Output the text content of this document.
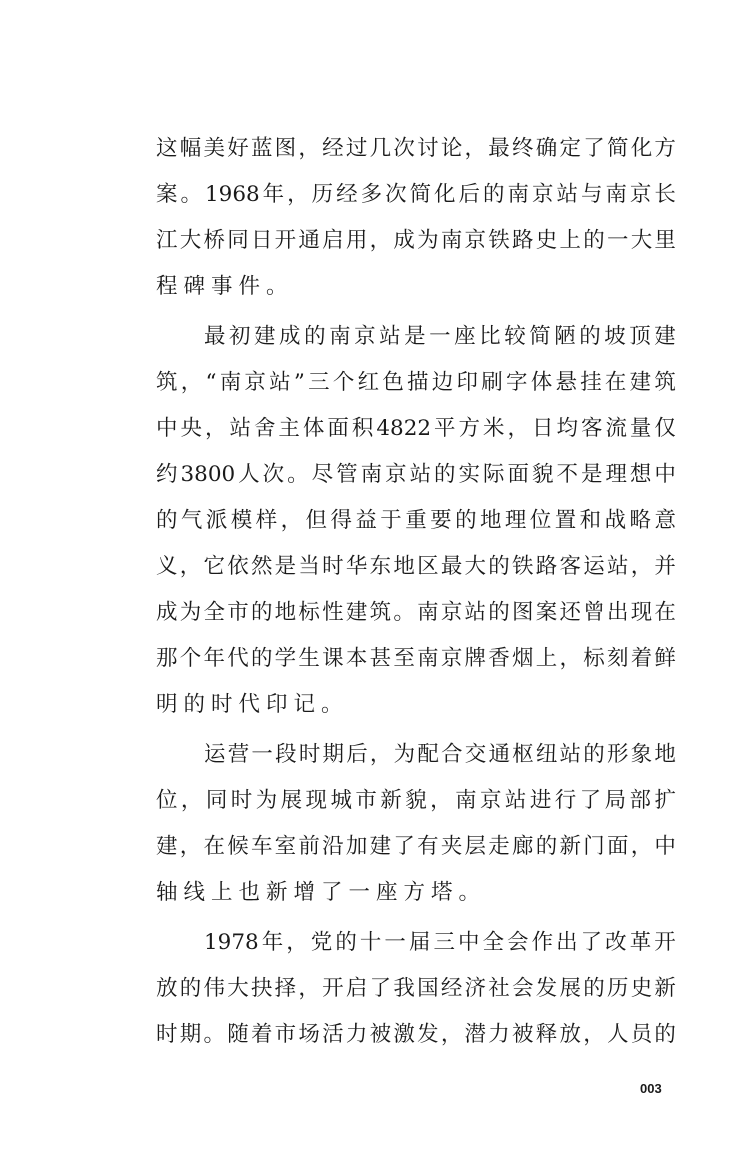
这 幅 美 好 蓝 图 ， 经 过 几 次 讨 论 ， 最 终 确 定 了 简 化 方
案 。 1968 年 ， 历 经 多 次 简 化 后 的 南 京 站 与 南 京 长
江 大 桥 同 日 开 通 启 用 ， 成 为 南 京 铁 路 史 上 的 一 大 里
程碑事件。
最 初 建 成 的 南 京 站 是 一 座 比 较 简 陋 的 坡 顶 建
筑 ， “ 南 京 站 ” 三 个 红 色 描 边 印 刷 字 体 悬 挂 在 建 筑
中 央 ， 站 舍 主 体 面 积 4822 平 方 米 ， 日 均 客 流 量 仅
约 3800 人 次 。 尽 管 南 京 站 的 实 际 面 貌 不 是 理 想 中
的 气 派 模 样 ， 但 得 益 于 重 要 的 地 理 位 置 和 战 略 意
义 ， 它 依 然 是 当 时 华 东 地 区 最 大 的 铁 路 客 运 站 ， 并
成 为 全 市 的 地 标 性 建 筑 。 南 京 站 的 图 案 还 曾 出 现 在
那 个 年 代 的 学 生 课 本 甚 至 南 京 牌 香 烟 上 ， 标 刻 着 鲜
明的时代印记。
运 营 一 段 时 期 后 ， 为 配 合 交 通 枢 纽 站 的 形 象 地
位 ， 同 时 为 展 现 城 市 新 貌 ， 南 京 站 进 行 了 局 部 扩
建 ， 在 候 车 室 前 沿 加 建 了 有 夹 层 走 廊 的 新 门 面 ， 中
轴线上也新增了一座方塔。
1978 年 ， 党 的 十 一 届 三 中 全 会 作 出 了 改 革 开
放 的 伟 大 抉 择 ， 开 启 了 我 国 经 济 社 会 发 展 的 历 史 新
时 期 。 随 着 市 场 活 力 被 激 发 ， 潜 力 被 释 放 ， 人 员 的
003
